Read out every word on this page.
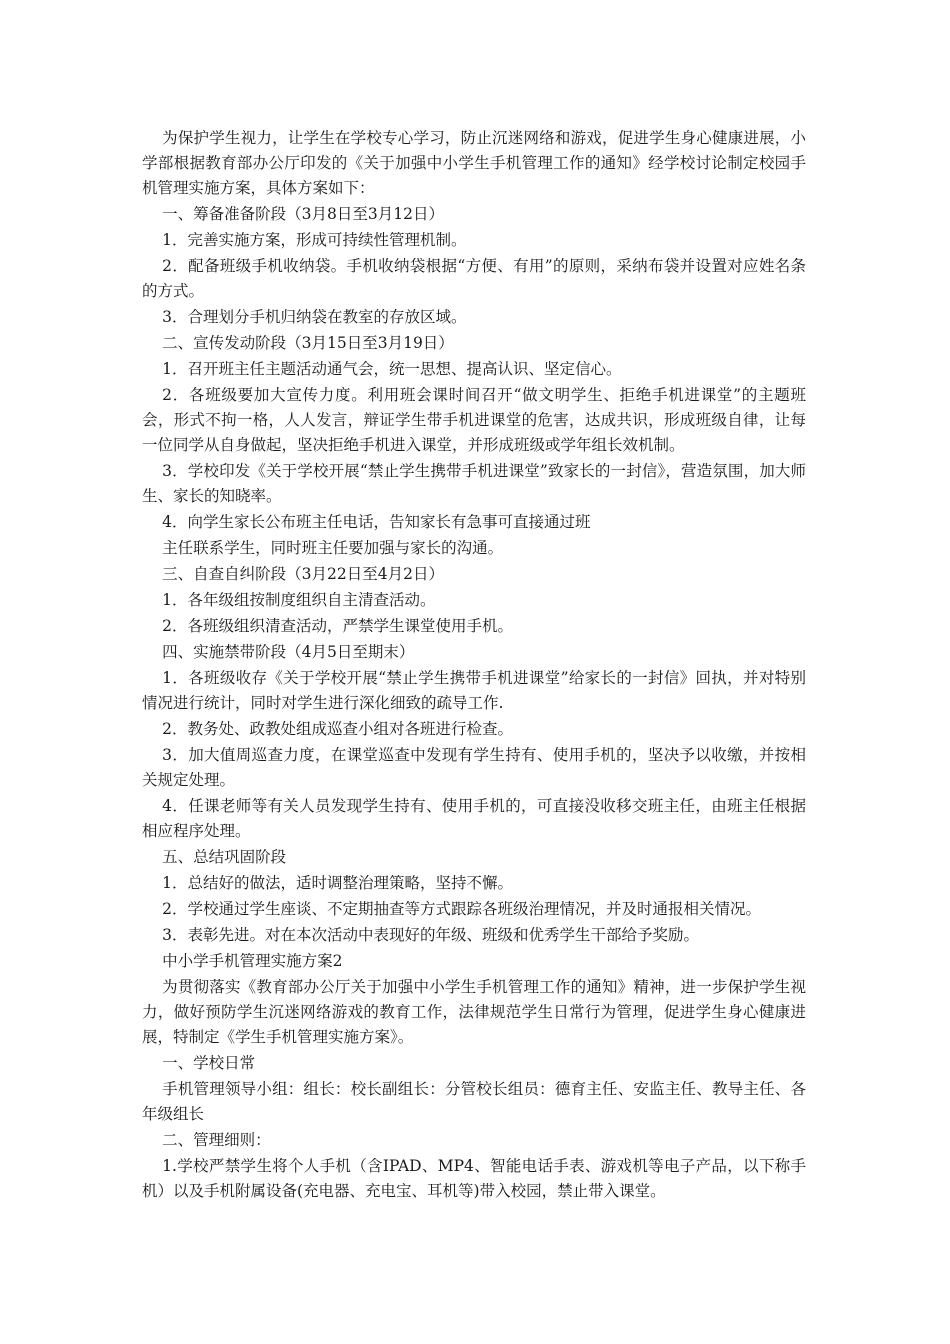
为保护学生视力，让学生在学校专心学习，防止沉迷网络和游戏，促进学生身心健康进展，小学部根据教育部办公厅印发的《关于加强中小学生手机管理工作的通知》经学校讨论制定校园手机管理实施方案，具体方案如下：

一、筹备准备阶段（3月8日至3月12日）

1．完善实施方案，形成可持续性管理机制。

2．配备班级手机收纳袋。手机收纳袋根据“方便、有用”的原则，采纳布袋并设置对应姓名条的方式。

3．合理划分手机归纳袋在教室的存放区域。

二、宣传发动阶段（3月15日至3月19日）

1．召开班主任主题活动通气会，统一思想、提高认识、坚定信心。

2．各班级要加大宣传力度。利用班会课时间召开“做文明学生、拒绝手机进课堂”的主题班会，形式不拘一格，人人发言，辩证学生带手机进课堂的危害，达成共识，形成班级自律，让每一位同学从自身做起，坚决拒绝手机进入课堂，并形成班级或学年组长效机制。

3．学校印发《关于学校开展“禁止学生携带手机进课堂”致家长的一封信》，营造氛围，加大师生、家长的知晓率。

4．向学生家长公布班主任电话，告知家长有急事可直接通过班

主任联系学生，同时班主任要加强与家长的沟通。

三、自查自纠阶段（3月22日至4月2日）

1．各年级组按制度组织自主清查活动。

2．各班级组织清查活动，严禁学生课堂使用手机。

四、实施禁带阶段（4月5日至期末）

1．各班级收存《关于学校开展“禁止学生携带手机进课堂”给家长的一封信》回执，并对特别情况进行统计，同时对学生进行深化细致的疏导工作.

2．教务处、政教处组成巡查小组对各班进行检查。

3．加大值周巡查力度，在课堂巡查中发现有学生持有、使用手机的，坚决予以收缴，并按相关规定处理。

4．任课老师等有关人员发现学生持有、使用手机的，可直接没收移交班主任，由班主任根据相应程序处理。

五、总结巩固阶段

1．总结好的做法，适时调整治理策略，坚持不懈。

2．学校通过学生座谈、不定期抽查等方式跟踪各班级治理情况，并及时通报相关情况。

3．表彰先进。对在本次活动中表现好的年级、班级和优秀学生干部给予奖励。

中小学手机管理实施方案2

为贯彻落实《教育部办公厅关于加强中小学生手机管理工作的通知》精神，进一步保护学生视力，做好预防学生沉迷网络游戏的教育工作，法律规范学生日常行为管理，促进学生身心健康进展，特制定《学生手机管理实施方案》。

一、学校日常

手机管理领导小组：组长：校长副组长：分管校长组员：德育主任、安监主任、教导主任、各年级组长

二、管理细则：

1.学校严禁学生将个人手机（含IPAD、MP4、智能电话手表、游戏机等电子产品，以下称手机）以及手机附属设备(充电器、充电宝、耳机等)带入校园，禁止带入课堂。
